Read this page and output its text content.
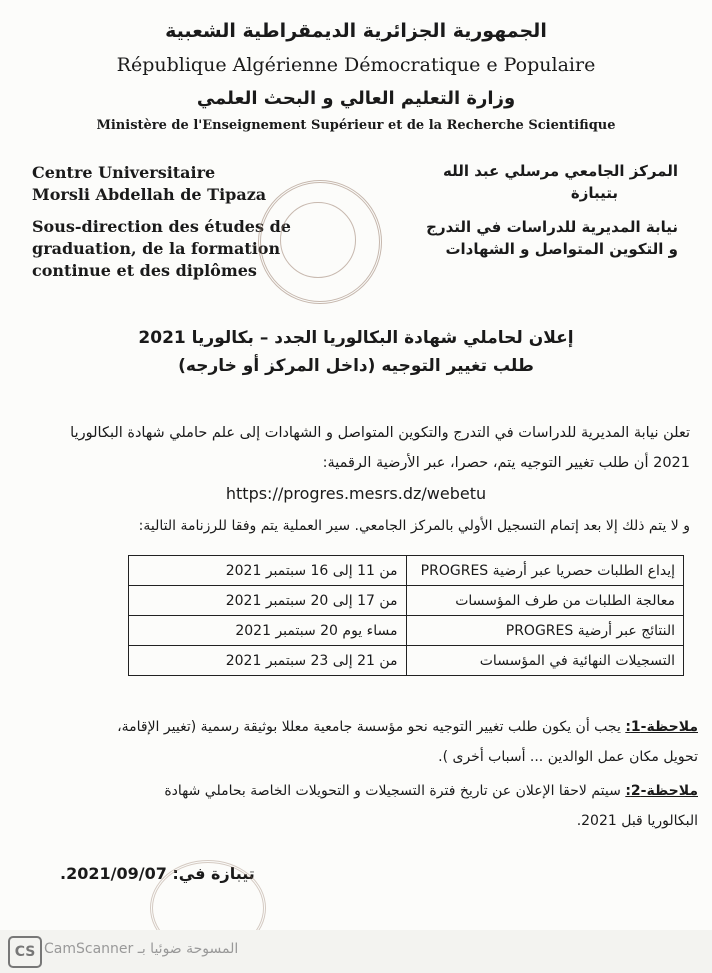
الجمهورية الجزائرية الديمقراطية الشعبية
République Algérienne Démocratique e Populaire
وزارة التعليم العالي و البحث العلمي
Ministère de l'Enseignement Supérieur et de la Recherche Scientifique
Centre Universitaire
Morsli Abdellah de Tipaza
Sous-direction des études de
graduation, de la formation
continue et des diplômes
المركز الجامعي مرسلي عبد الله
بتيبازة
نيابة المديرية للدراسات في التدرج
و التكوين المتواصل و الشهادات
إعلان لحاملي شهادة البكالوريا الجدد – بكالوريا 2021
طلب تغيير التوجيه (داخل المركز أو خارجه)
تعلن نيابة المديرية للدراسات في التدرج والتكوين المتواصل و الشهادات إلى علم حاملي شهادة البكالوريا
2021 أن طلب تغيير التوجيه يتم، حصرا، عبر الأرضية الرقمية:
https://progres.mesrs.dz/webetu
و لا يتم ذلك إلا بعد إتمام التسجيل الأولي بالمركز الجامعي. سير العملية يتم وفقا للرزنامة التالية:
إيداع الطلبات حصريا عبر أرضية PROGRES	من 11 إلى 16 سبتمبر 2021
معالجة الطلبات من طرف المؤسسات	من 17 إلى 20 سبتمبر 2021
النتائج عبر أرضية PROGRES	مساء يوم 20 سبتمبر 2021
التسجيلات النهائية في المؤسسات	من 21 إلى 23 سبتمبر 2021
ملاحظة-1: يجب أن يكون طلب تغيير التوجيه نحو مؤسسة جامعية معللا بوثيقة رسمية (تغيير الإقامة،
تحويل مكان عمل الوالدين ... أسباب أخرى ).
ملاحظة-2: سيتم لاحقا الإعلان عن تاريخ فترة التسجيلات و التحويلات الخاصة بحاملي شهادة
البكالوريا قبل 2021.
تيبازة في: 2021/09/07.
CS CamScanner المسوحة ضوئيا بـ
